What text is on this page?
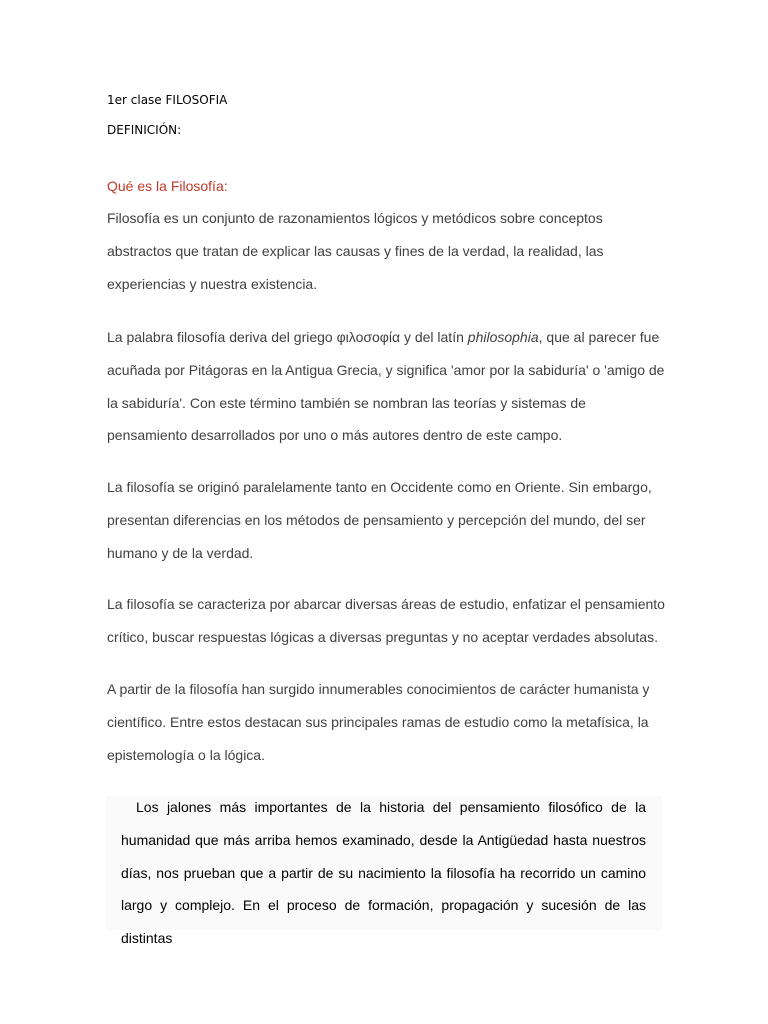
1er clase FILOSOFIA
DEFINICIÓN:
Qué es la Filosofía:
Filosofía es un conjunto de razonamientos lógicos y metódicos sobre conceptos
abstractos que tratan de explicar las causas y fines de la verdad, la realidad, las
experiencias y nuestra existencia.
La palabra filosofía deriva del griego φιλοσοφία y del latín philosophia, que al parecer fue
acuñada por Pitágoras en la Antigua Grecia, y significa 'amor por la sabiduría' o 'amigo de
la sabiduría'. Con este término también se nombran las teorías y sistemas de
pensamiento desarrollados por uno o más autores dentro de este campo.
La filosofía se originó paralelamente tanto en Occidente como en Oriente. Sin embargo,
presentan diferencias en los métodos de pensamiento y percepción del mundo, del ser
humano y de la verdad.
La filosofía se caracteriza por abarcar diversas áreas de estudio, enfatizar el pensamiento
crítico, buscar respuestas lógicas a diversas preguntas y no aceptar verdades absolutas.
A partir de la filosofía han surgido innumerables conocimientos de carácter humanista y
científico. Entre estos destacan sus principales ramas de estudio como la metafísica, la
epistemología o la lógica.
Los jalones más importantes de la historia del pensamiento filosófico de la
humanidad que más arriba hemos examinado, desde la Antigüedad hasta nuestros
días, nos prueban que a partir de su nacimiento la filosofía ha recorrido un camino
largo y complejo. En el proceso de formación, propagación y sucesión de las distintas
